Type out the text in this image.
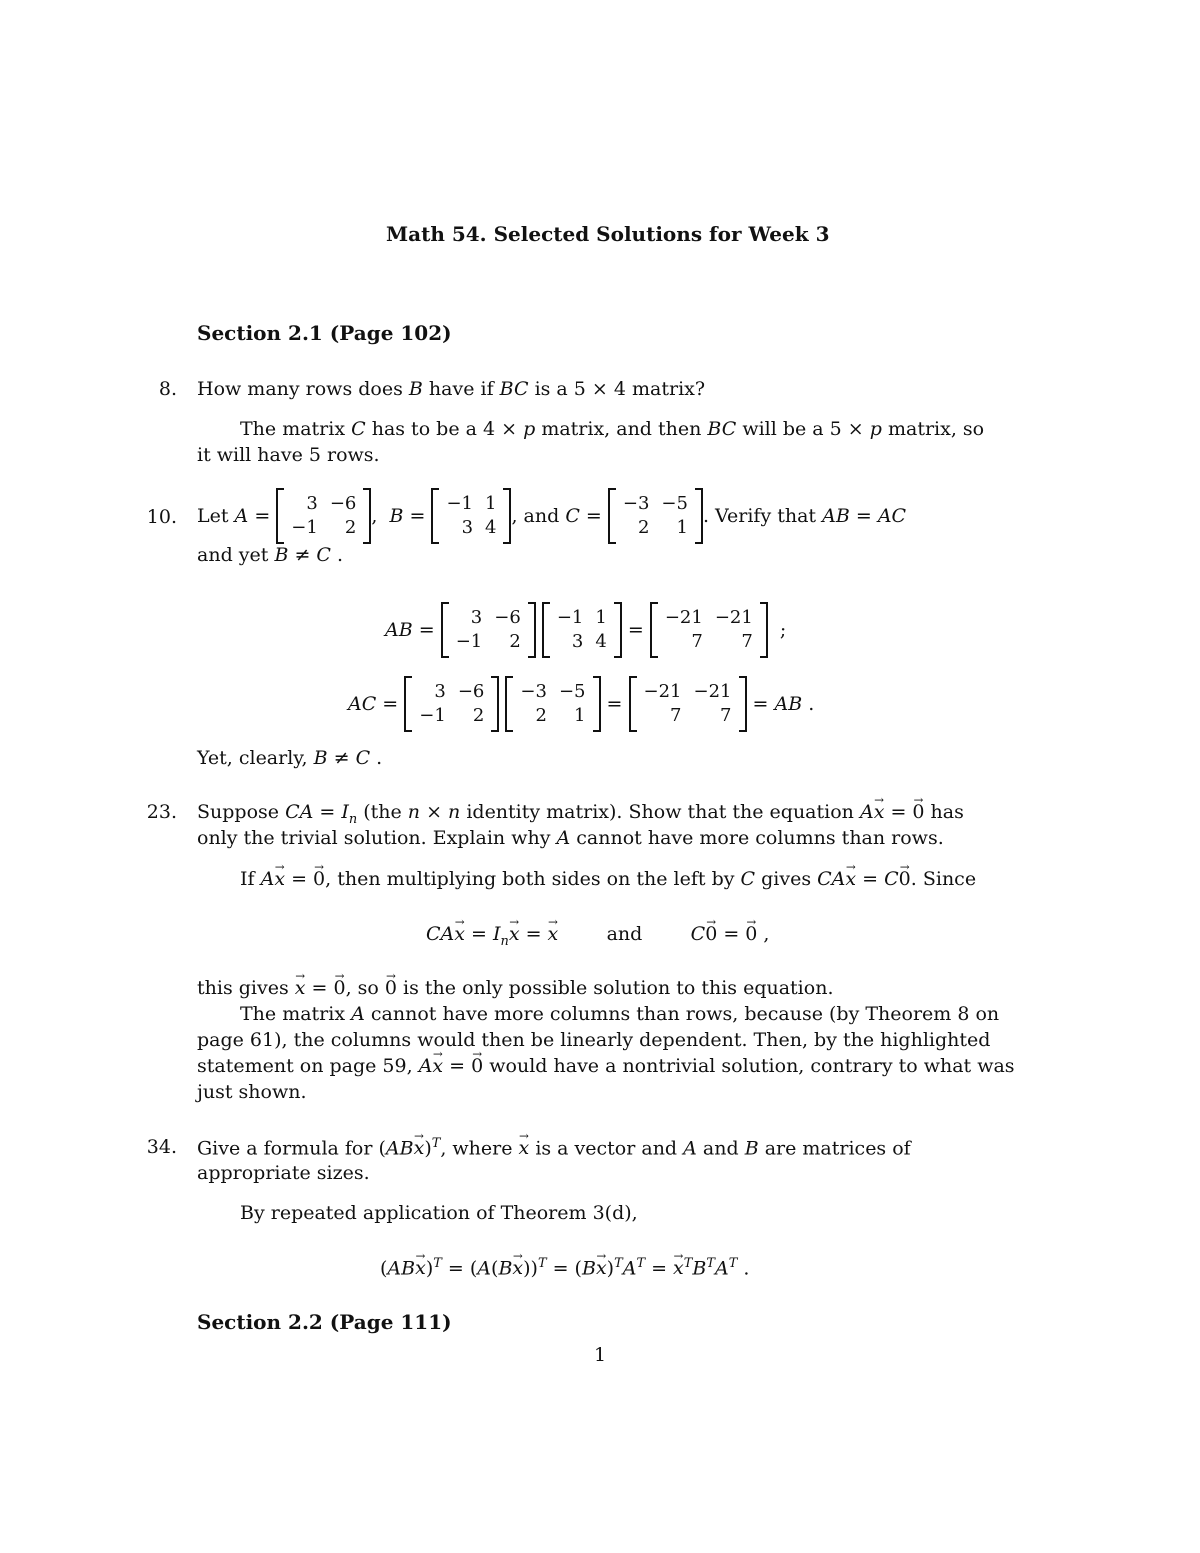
Math 54. Selected Solutions for Week 3
Section 2.1 (Page 102)
8. How many rows does B have if BC is a 5 × 4 matrix?
The matrix C has to be a 4 × p matrix, and then BC will be a 5 × p matrix, so
it will have 5 rows.
10. Let
A =
3	−6
−1	2
, B =
−1	1
3	4
, and
C =
−3	−5
2	1
. Verify that
AB = AC
and yet B ≠ C .
AB =
3	−6
−1	2

−1	1
3	4
=
−21	−21
7	7
;
AC =
3	−6
−1	2

−3	−5
2	1
=
−21	−21
7	7
= AB .
Yet, clearly, B ≠ C .
23. Suppose CA = $I_n$ (the n × n identity matrix). Show that the equation Ax → = 0 → has
only the trivial solution. Explain why A cannot have more columns than rows.
If Ax → = 0 →, then multiplying both sides on the left by C gives CAx → = C0 →. Since
CAx → = $I_nx$ → = x →	and	C0 → = 0 → ,
this gives x → = 0 →, so 0 → is the only possible solution to this equation.
The matrix A cannot have more columns than rows, because (by Theorem 8 on
page 61), the columns would then be linearly dependent. Then, by the highlighted
statement on page 59, Ax → = 0 → would have a nontrivial solution, contrary to what was
just shown.
34. Give a formula for (ABx →)$^T$, where x → is a vector and A and B are matrices of
appropriate sizes.
By repeated application of Theorem 3(d),
$(ABx \to)^T = (A(Bx \to))^T = (Bx \to)^TA^T = x \to^TB^TA^T$ .
Section 2.2 (Page 111)
1
